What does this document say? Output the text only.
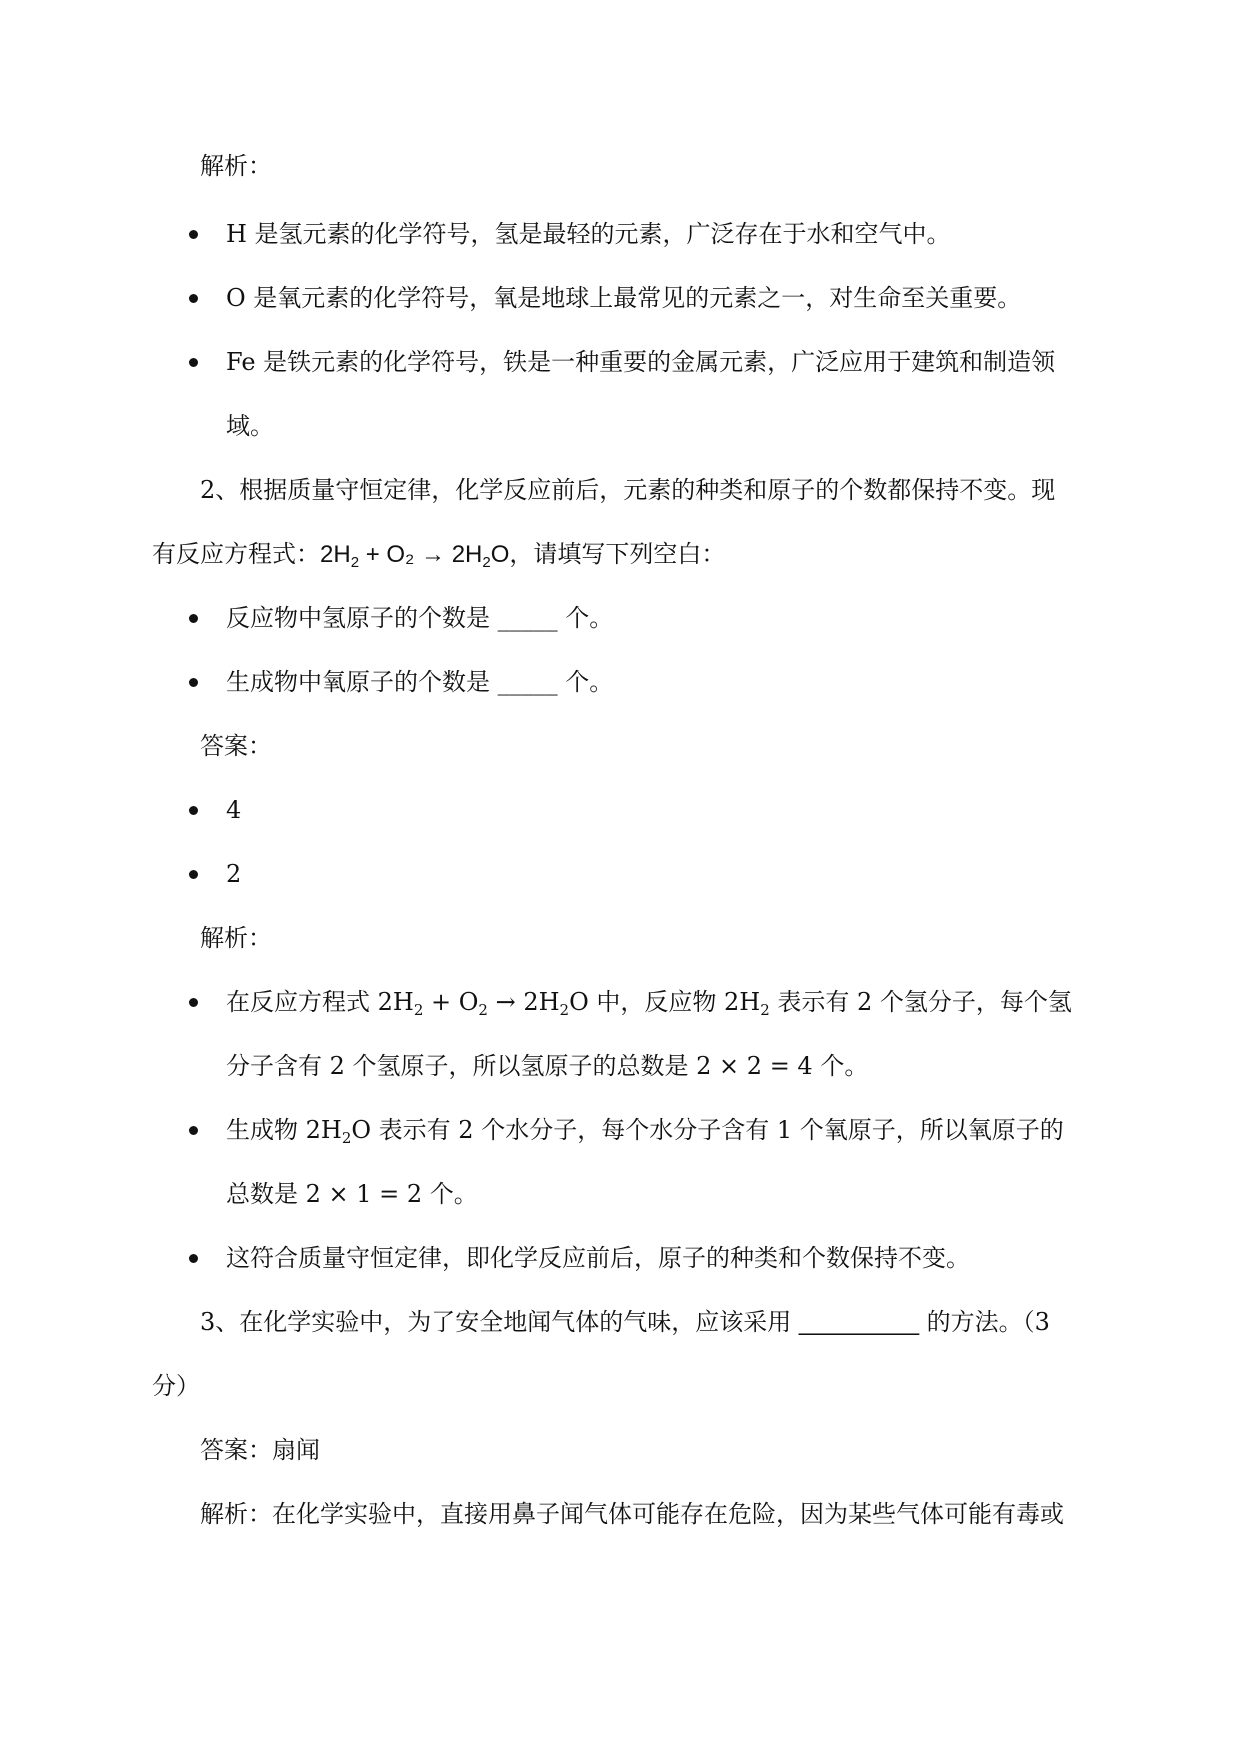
解析：
H 是氢元素的化学符号，氢是最轻的元素，广泛存在于水和空气中。
O 是氧元素的化学符号，氧是地球上最常见的元素之一，对生命至关重要。
Fe 是铁元素的化学符号，铁是一种重要的金属元素，广泛应用于建筑和制造领
域。
2、根据质量守恒定律，化学反应前后，元素的种类和原子的个数都保持不变。现
有反应方程式：$2H_2 + O_2 \to 2H_2O$，请填写下列空白：
反应物中氢原子的个数是 _____ 个。
生成物中氧原子的个数是 _____ 个。
答案：
4
2
解析：
在反应方程式 $2H_2 + O_2 \to 2H_2O$ 中，反应物 $2H_2$ 表示有 2 个氢分子，每个氢
分子含有 2 个氢原子，所以氢原子的总数是 2 × 2 = 4 个。
生成物 $2H_2O$ 表示有 2 个水分子，每个水分子含有 1 个氧原子，所以氧原子的
总数是 2 × 1 = 2 个。
这符合质量守恒定律，即化学反应前后，原子的种类和个数保持不变。
3、在化学实验中，为了安全地闻气体的气味，应该采用 _________ 的方法。（3
分）
答案：扇闻
解析：在化学实验中，直接用鼻子闻气体可能存在危险，因为某些气体可能有毒或
